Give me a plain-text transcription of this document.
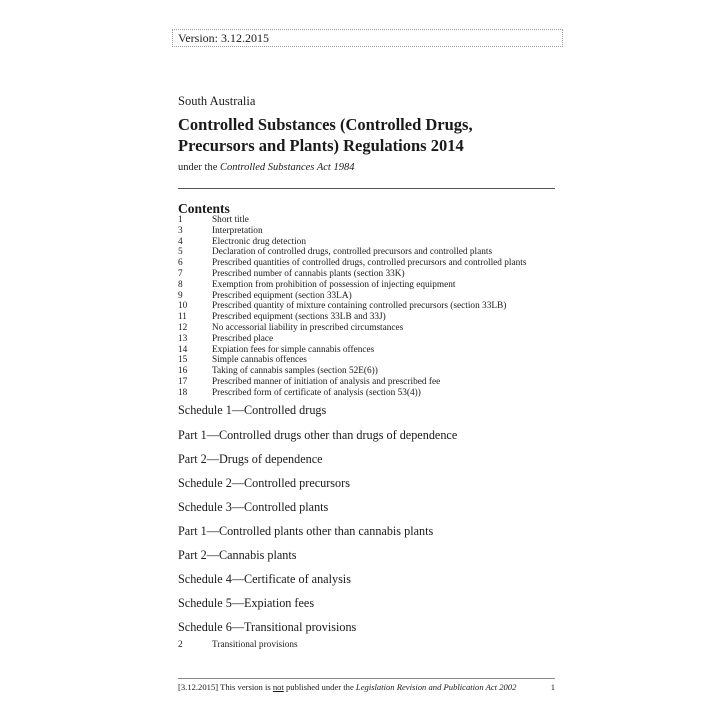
Version: 3.12.2015
South Australia
Controlled Substances (Controlled Drugs, Precursors and Plants) Regulations 2014
under the Controlled Substances Act 1984
Contents
1	Short title
3	Interpretation
4	Electronic drug detection
5	Declaration of controlled drugs, controlled precursors and controlled plants
6	Prescribed quantities of controlled drugs, controlled precursors and controlled plants
7	Prescribed number of cannabis plants (section 33K)
8	Exemption from prohibition of possession of injecting equipment
9	Prescribed equipment (section 33LA)
10	Prescribed quantity of mixture containing controlled precursors (section 33LB)
11	Prescribed equipment (sections 33LB and 33J)
12	No accessorial liability in prescribed circumstances
13	Prescribed place
14	Expiation fees for simple cannabis offences
15	Simple cannabis offences
16	Taking of cannabis samples (section 52E(6))
17	Prescribed manner of initiation of analysis and prescribed fee
18	Prescribed form of certificate of analysis (section 53(4))
Schedule 1—Controlled drugs
Part 1—Controlled drugs other than drugs of dependence
Part 2—Drugs of dependence
Schedule 2—Controlled precursors
Schedule 3—Controlled plants
Part 1—Controlled plants other than cannabis plants
Part 2—Cannabis plants
Schedule 4—Certificate of analysis
Schedule 5—Expiation fees
Schedule 6—Transitional provisions
2	Transitional provisions
[3.12.2015] This version is not published under the Legislation Revision and Publication Act 2002	1
